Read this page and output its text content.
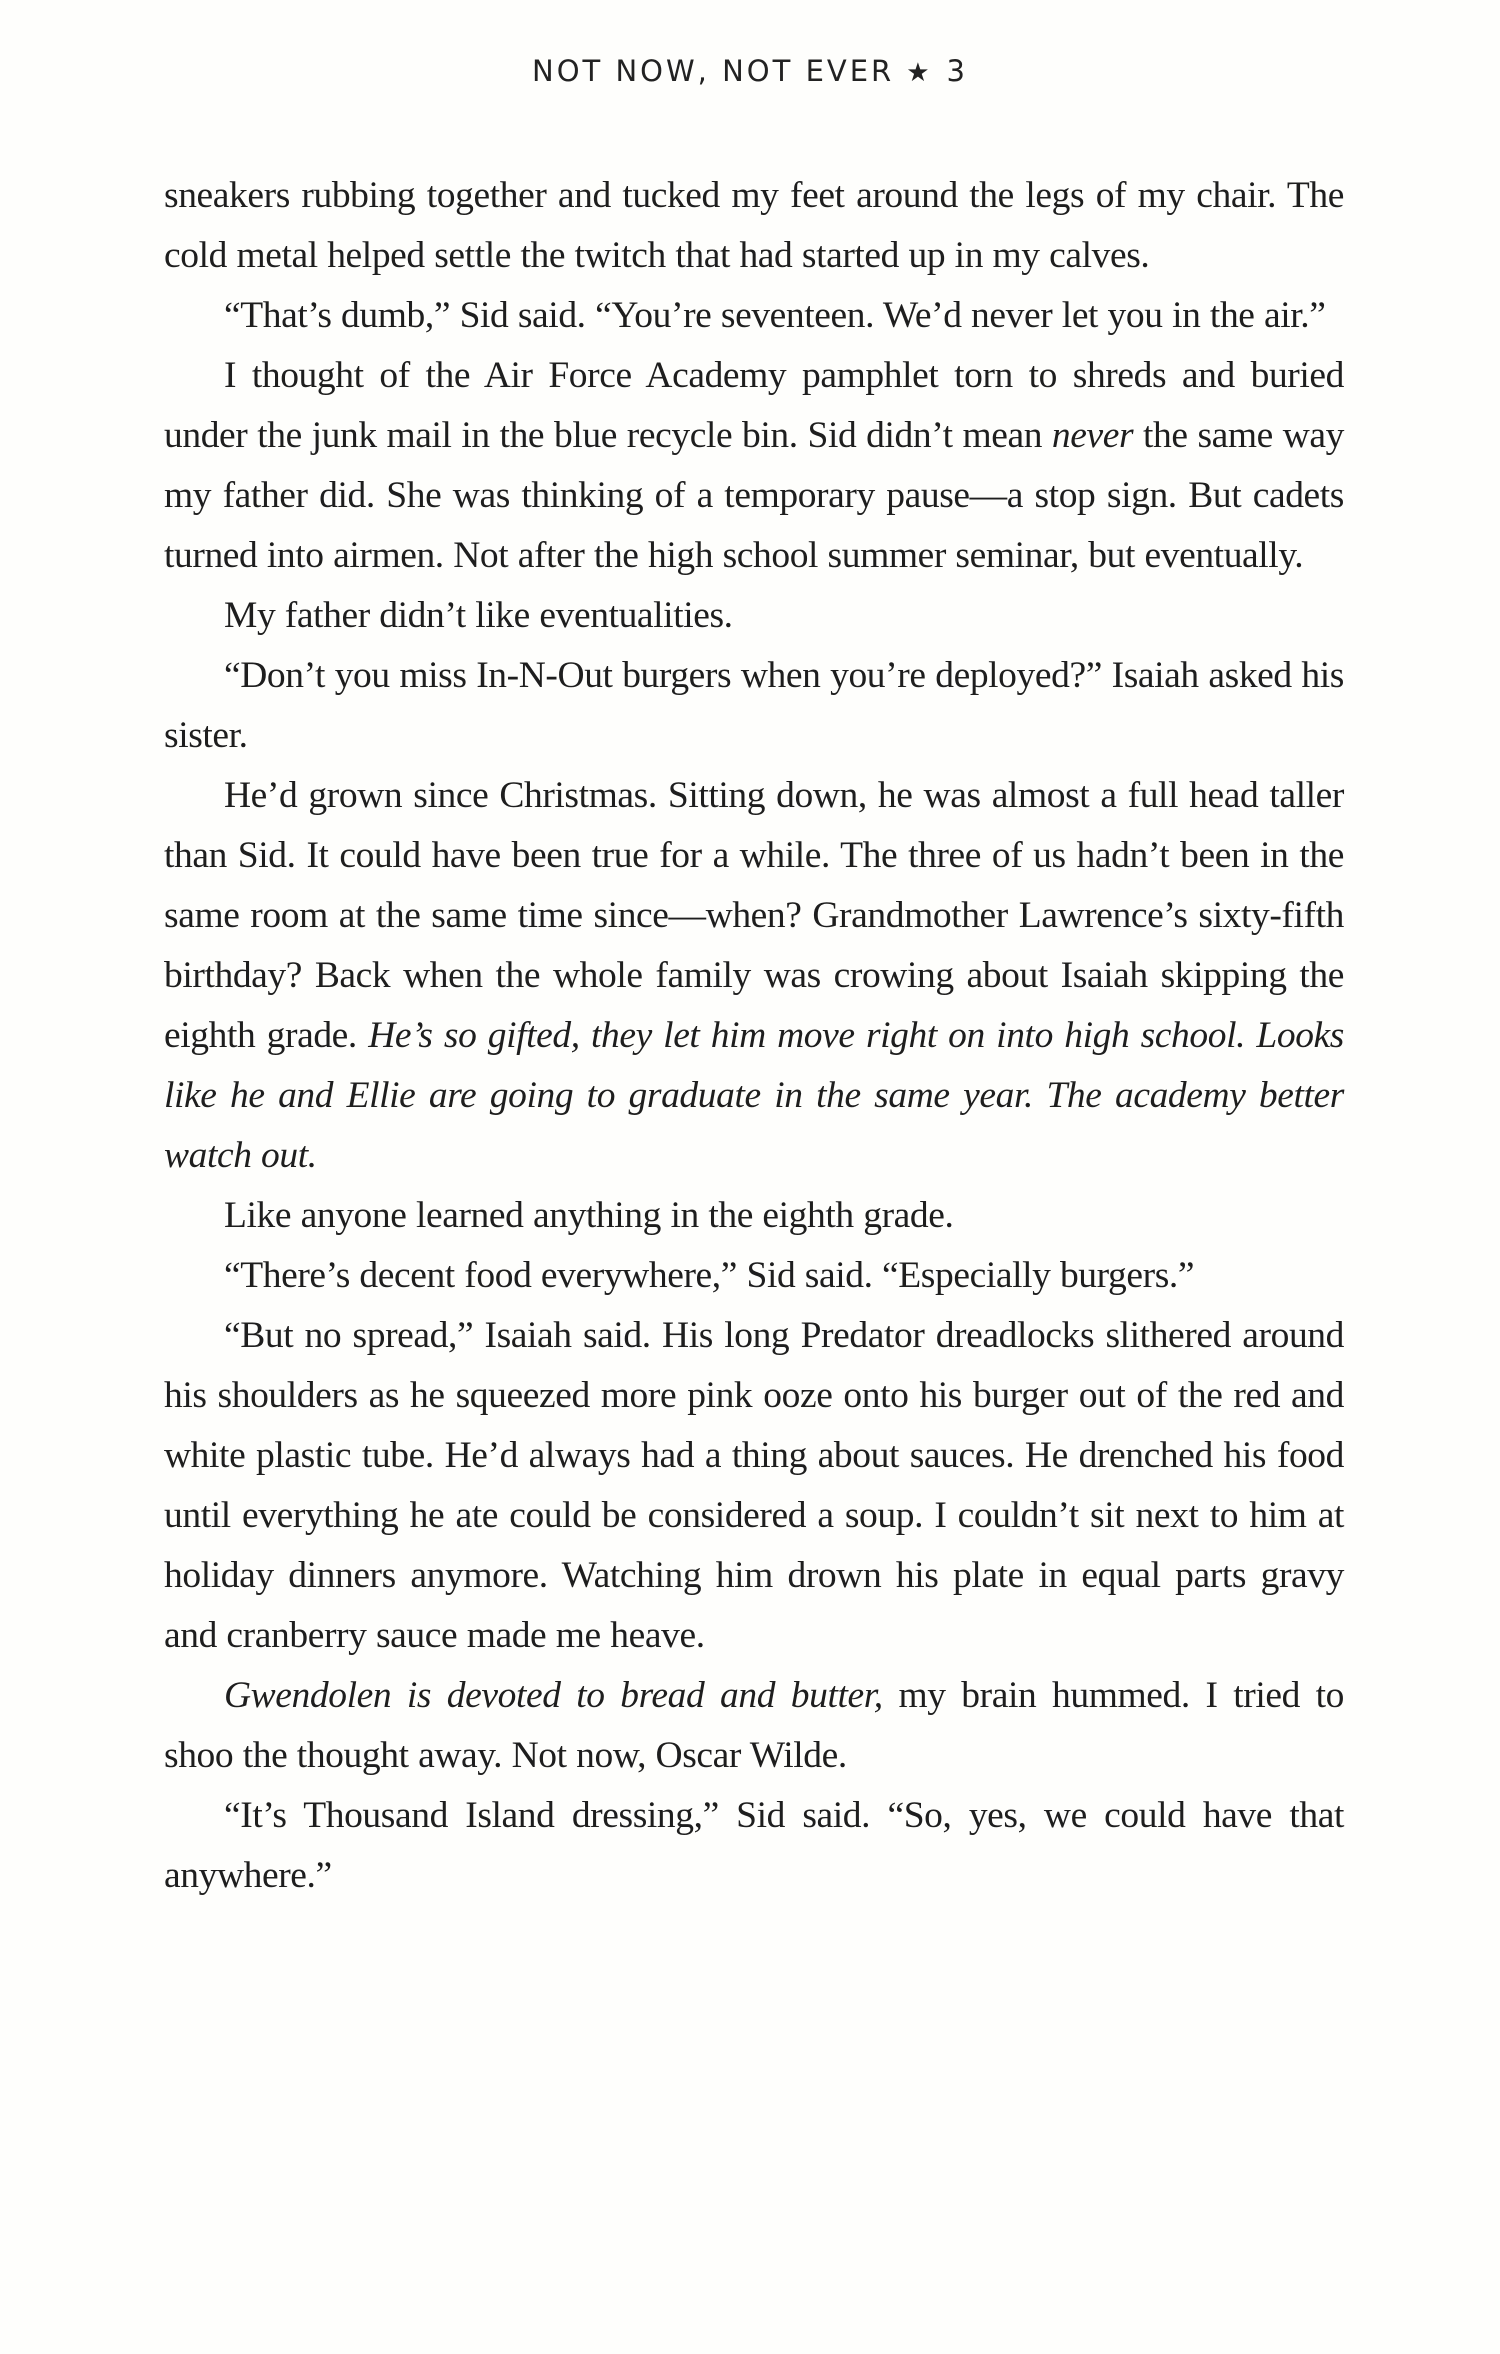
NOT NOW, NOT EVER ★ 3

sneakers rubbing together and tucked my feet around the legs of my chair. The cold metal helped settle the twitch that had started up in my calves.

“That’s dumb,” Sid said. “You’re seventeen. We’d never let you in the air.”

I thought of the Air Force Academy pamphlet torn to shreds and buried under the junk mail in the blue recycle bin. Sid didn’t mean never the same way my father did. She was thinking of a temporary pause—a stop sign. But cadets turned into airmen. Not after the high school summer seminar, but eventually.

My father didn’t like eventualities.

“Don’t you miss In-N-Out burgers when you’re deployed?” Isaiah asked his sister.

He’d grown since Christmas. Sitting down, he was almost a full head taller than Sid. It could have been true for a while. The three of us hadn’t been in the same room at the same time since—when? Grandmother Lawrence’s sixty-fifth birthday? Back when the whole family was crowing about Isaiah skipping the eighth grade. He’s so gifted, they let him move right on into high school. Looks like he and Ellie are going to graduate in the same year. The academy better watch out.

Like anyone learned anything in the eighth grade.

“There’s decent food everywhere,” Sid said. “Especially burgers.”

“But no spread,” Isaiah said. His long Predator dreadlocks slithered around his shoulders as he squeezed more pink ooze onto his burger out of the red and white plastic tube. He’d always had a thing about sauces. He drenched his food until everything he ate could be considered a soup. I couldn’t sit next to him at holiday dinners anymore. Watching him drown his plate in equal parts gravy and cranberry sauce made me heave.

Gwendolen is devoted to bread and butter, my brain hummed. I tried to shoo the thought away. Not now, Oscar Wilde.

“It’s Thousand Island dressing,” Sid said. “So, yes, we could have that anywhere.”
